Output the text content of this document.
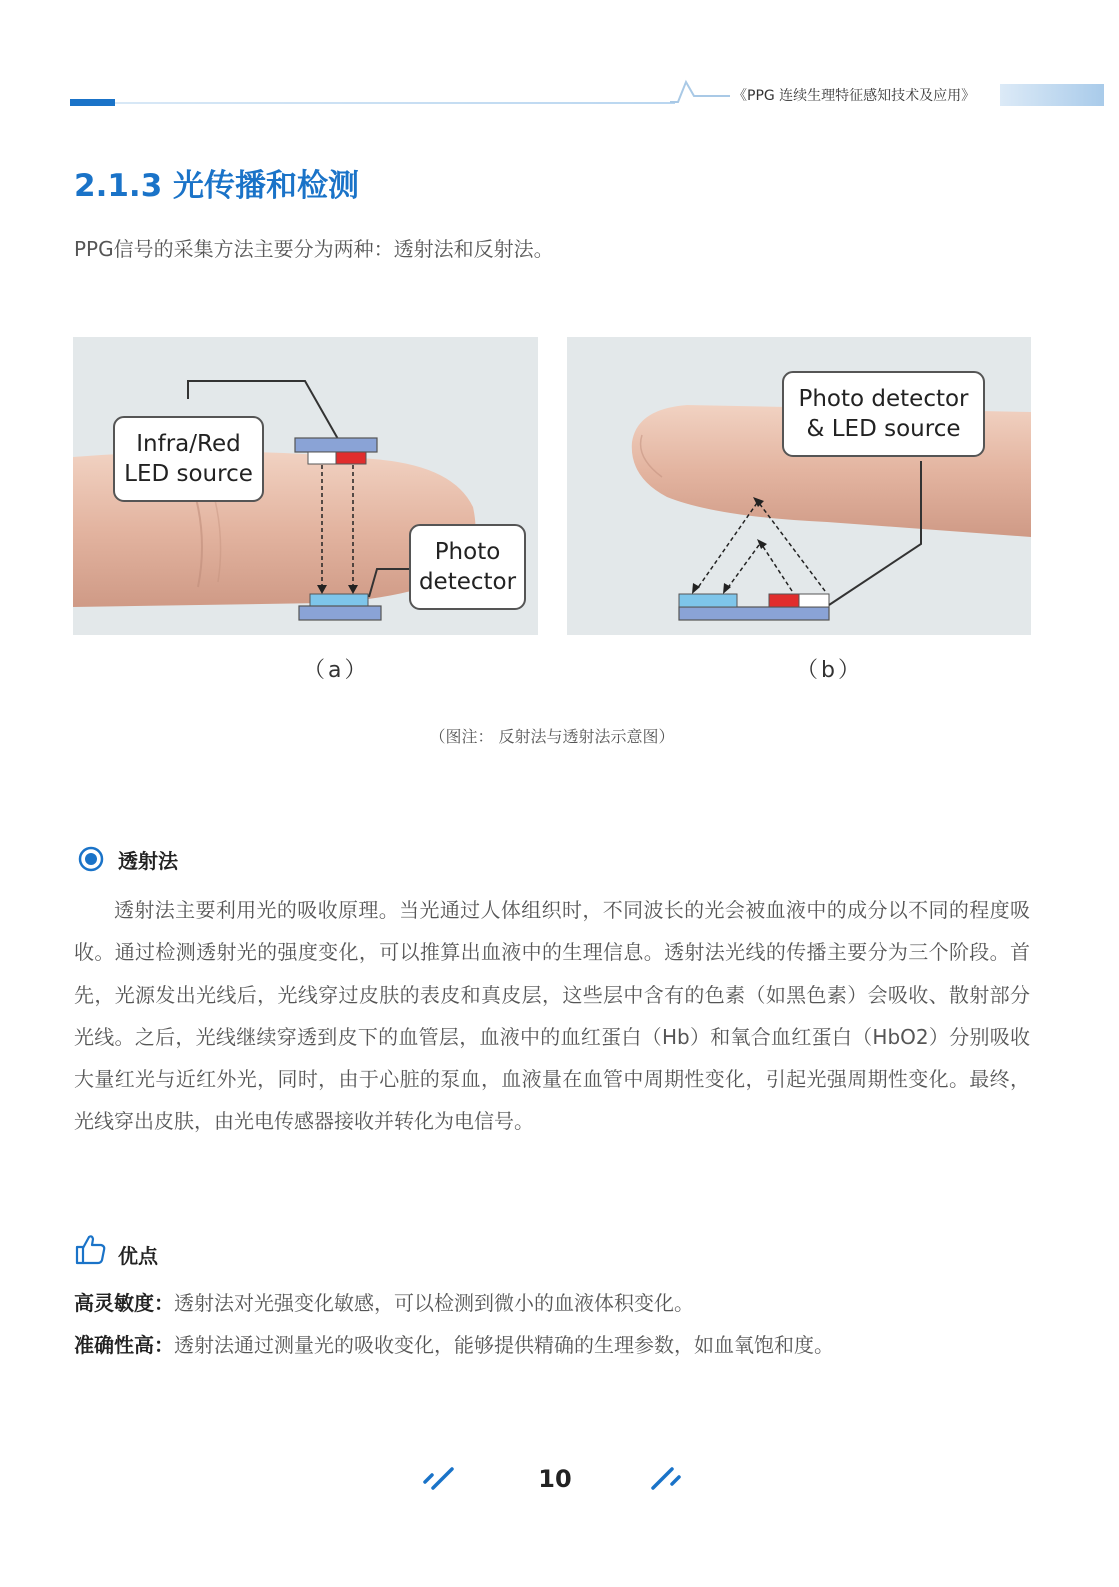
《PPG 连续生理特征感知技术及应用》
2.1.3 光传播和检测
PPG信号的采集方法主要分为两种：透射法和反射法。
Infra/Red
LED source
Photo
detector
Photo detector
& LED source
（a）	（b）
（图注： 反射法与透射法示意图）
透射法
透射法主要利用光的吸收原理。当光通过人体组织时，不同波长的光会被血液中的成分以不同的程度吸收。通过检测透射光的强度变化，可以推算出血液中的生理信息。透射法光线的传播主要分为三个阶段。首先，光源发出光线后，光线穿过皮肤的表皮和真皮层，这些层中含有的色素（如黑色素）会吸收、散射部分光线。之后，光线继续穿透到皮下的血管层，血液中的血红蛋白（Hb）和氧合血红蛋白（HbO2）分别吸收大量红光与近红外光，同时，由于心脏的泵血，血液量在血管中周期性变化，引起光强周期性变化。最终，光线穿出皮肤，由光电传感器接收并转化为电信号。
优点
高灵敏度：透射法对光强变化敏感，可以检测到微小的血液体积变化。
准确性高：透射法通过测量光的吸收变化，能够提供精确的生理参数，如血氧饱和度。
10
